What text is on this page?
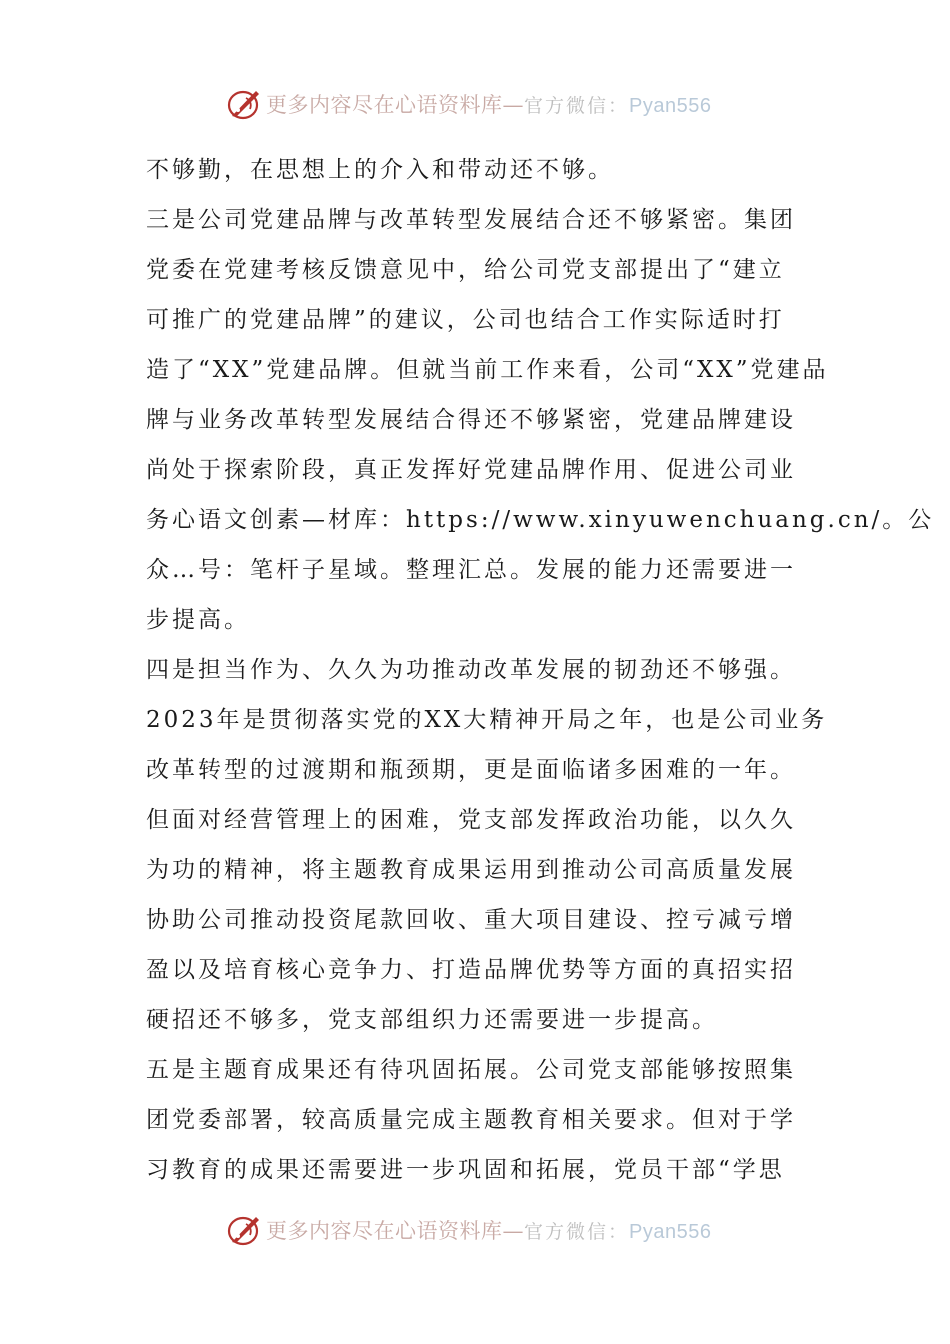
更多内容尽在心语资料库—官方微信：Pyan556
不够勤，在思想上的介入和带动还不够。
三是公司党建品牌与改革转型发展结合还不够紧密。集团
党委在党建考核反馈意见中，给公司党支部提出了“建立
可推广的党建品牌”的建议，公司也结合工作实际适时打
造了“XX”党建品牌。但就当前工作来看，公司“XX”党建品
牌与业务改革转型发展结合得还不够紧密，党建品牌建设
尚处于探索阶段，真正发挥好党建品牌作用、促进公司业
务心语文创素—材库：https://www.xinyuwenchuang.cn/。公
众…号：笔杆子星域。整理汇总。发展的能力还需要进一
步提高。
四是担当作为、久久为功推动改革发展的韧劲还不够强。
2023年是贯彻落实党的XX大精神开局之年，也是公司业务
改革转型的过渡期和瓶颈期，更是面临诸多困难的一年。
但面对经营管理上的困难，党支部发挥政治功能，以久久
为功的精神，将主题教育成果运用到推动公司高质量发展
协助公司推动投资尾款回收、重大项目建设、控亏减亏增
盈以及培育核心竞争力、打造品牌优势等方面的真招实招
硬招还不够多，党支部组织力还需要进一步提高。
五是主题育成果还有待巩固拓展。公司党支部能够按照集
团党委部署，较高质量完成主题教育相关要求。但对于学
习教育的成果还需要进一步巩固和拓展，党员干部“学思
更多内容尽在心语资料库—官方微信：Pyan556
